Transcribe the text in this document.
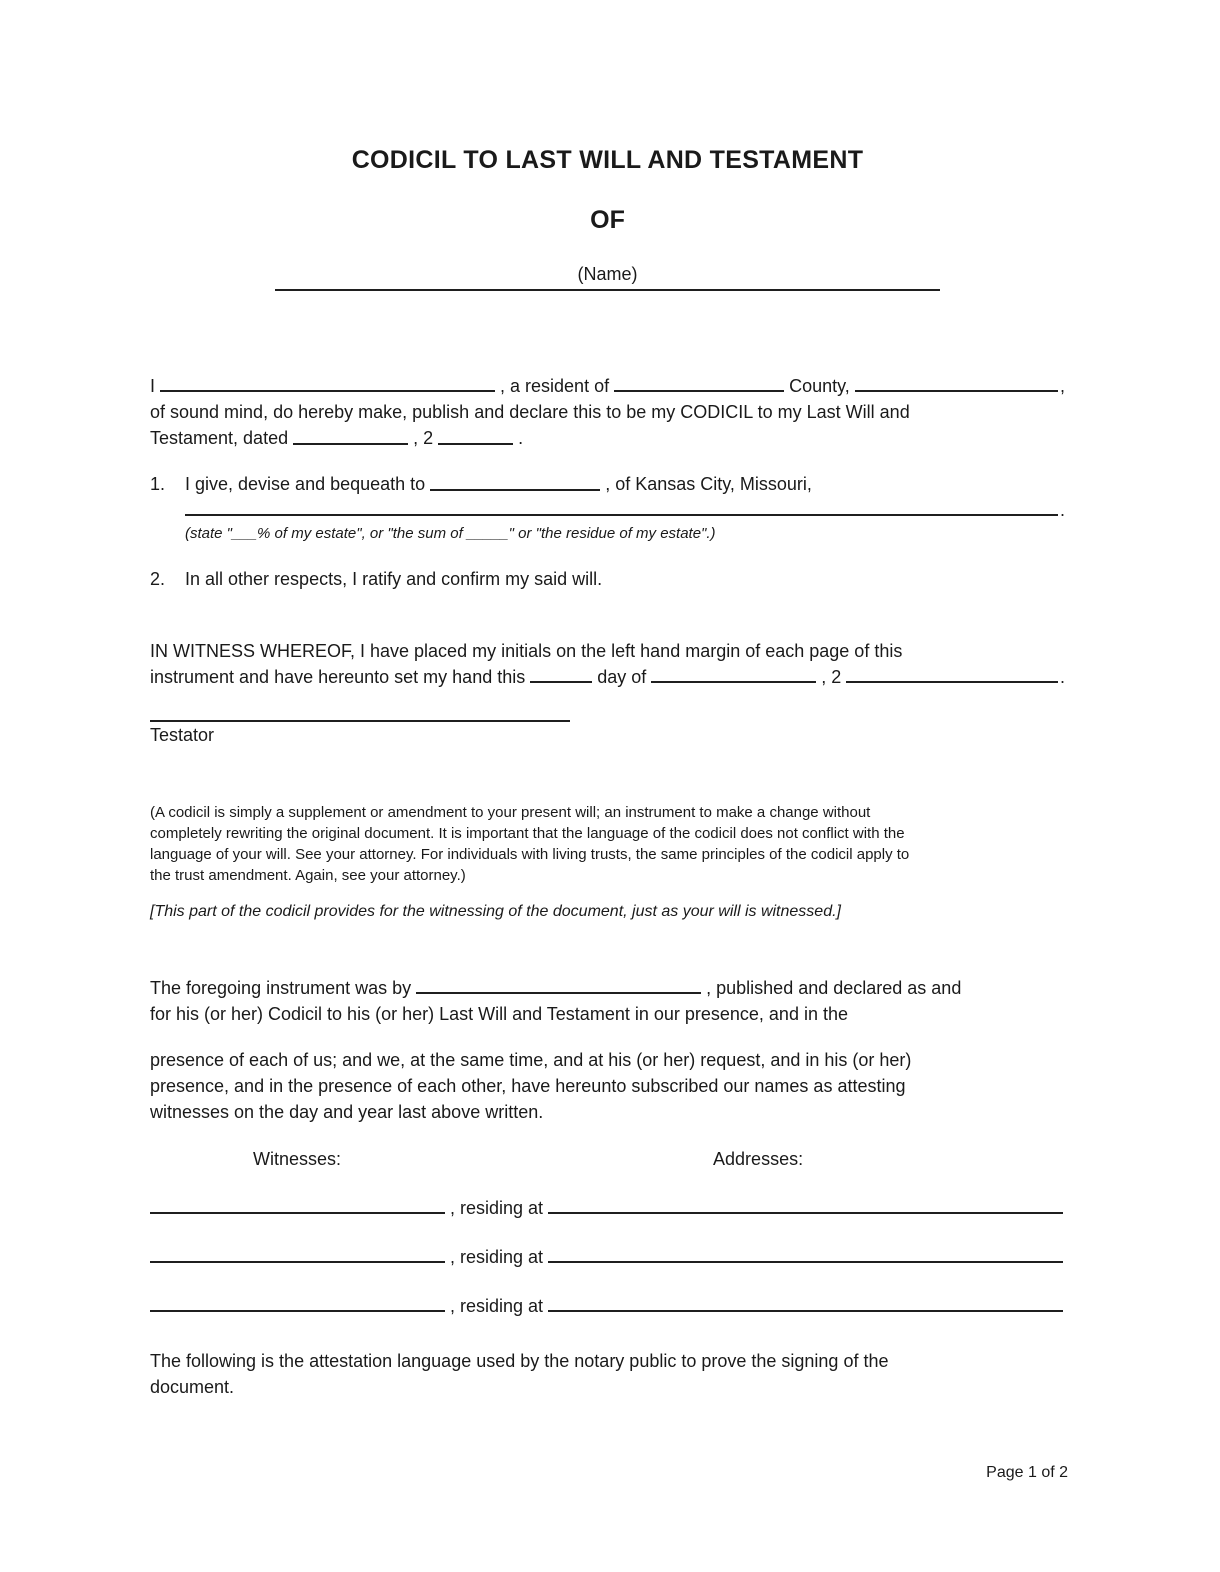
CODICIL TO LAST WILL AND TESTAMENT
OF
(Name)
I	, a resident of	County,	,
of sound mind, do hereby make, publish and declare this to be my CODICIL to my Last Will and
Testament, dated	, 2	.
1.	I give, devise and bequeath to	, of Kansas City, Missouri,
.
(state "___% of my estate", or "the sum of _____" or "the residue of my estate".)
2.	In all other respects, I ratify and confirm my said will.
IN WITNESS WHEREOF, I have placed my initials on the left hand margin of each page of this
instrument and have hereunto set my hand this	day of	, 2	.
Testator
(A codicil is simply a supplement or amendment to your present will; an instrument to make a change without
completely rewriting the original document. It is important that the language of the codicil does not conflict with the
language of your will. See your attorney. For individuals with living trusts, the same principles of the codicil apply to
the trust amendment. Again, see your attorney.)
[This part of the codicil provides for the witnessing of the document, just as your will is witnessed.]
The foregoing instrument was by	, published and declared as and
for his (or her) Codicil to his (or her) Last Will and Testament in our presence, and in the
presence of each of us; and we, at the same time, and at his (or her) request, and in his (or her)
presence, and in the presence of each other, have hereunto subscribed our names as attesting
witnesses on the day and year last above written.
Witnesses:	Addresses:
, residing at
, residing at
, residing at
The following is the attestation language used by the notary public to prove the signing of the
document.
Page 1 of 2
